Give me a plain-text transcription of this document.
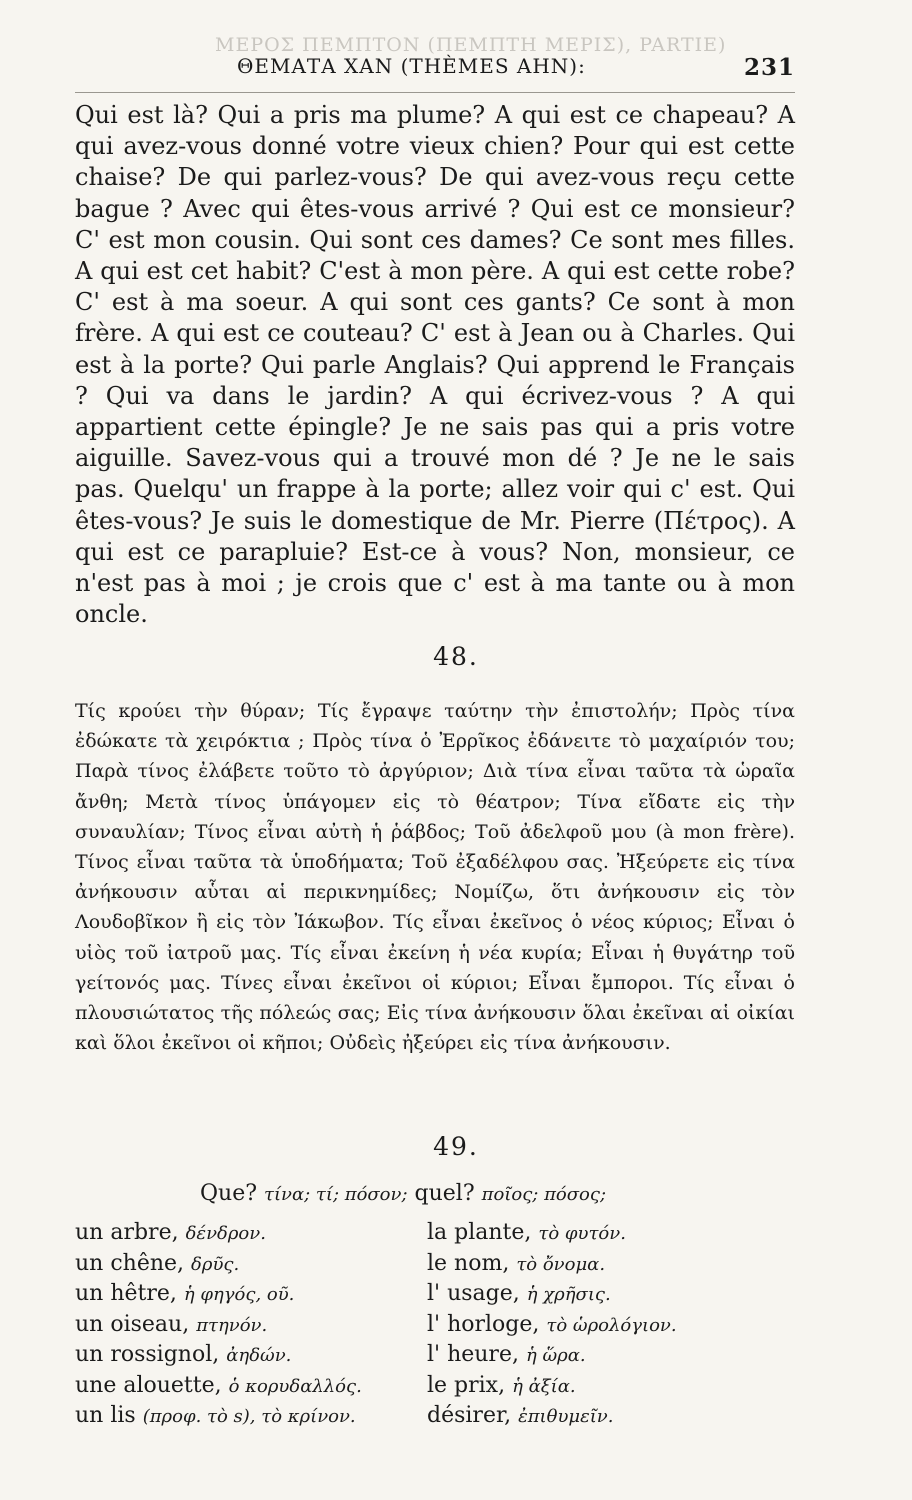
ΜΕΡΟΣ ΠΕΜΠΤΟΝ (ΠΕΜΠΤΗ ΜΕΡΙΣ), PARTIE)
ΘΕΜΑΤΑ ΧΑΝ (THÈMES AHN):	231
Qui est là? Qui a pris ma plume? A qui est ce chapeau? A qui avez-vous donné votre vieux chien? Pour qui est cette chaise? De qui parlez-vous? De qui avez-vous reçu cette bague ? Avec qui êtes-vous arrivé ? Qui est ce monsieur? C' est mon cousin. Qui sont ces dames? Ce sont mes filles. A qui est cet habit? C'est à mon père. A qui est cette robe? C' est à ma soeur. A qui sont ces gants? Ce sont à mon frère. A qui est ce couteau? C' est à Jean ou à Charles. Qui est à la porte? Qui parle Anglais? Qui apprend le Français ? Qui va dans le jardin? A qui écrivez-vous ? A qui appartient cette épingle? Je ne sais pas qui a pris votre aiguille. Savez-vous qui a trouvé mon dé ? Je ne le sais pas. Quelqu' un frappe à la porte; allez voir qui c' est. Qui êtes-vous? Je suis le domestique de Mr. Pierre (Πέτρος). A qui est ce parapluie? Est-ce à vous? Non, monsieur, ce n'est pas à moi ; je crois que c' est à ma tante ou à mon oncle.
48.
Τίς κρούει τὴν θύραν; Τίς ἔγραψε ταύτην τὴν ἐπιστολήν; Πρὸς τίνα ἐδώκατε τὰ χειρόκτια ; Πρὸς τίνα ὁ Ἐρρῖκος ἐδάνειτε τὸ μαχαίριόν του; Παρὰ τίνος ἐλάβετε τοῦτο τὸ ἀργύριον; Διὰ τίνα εἶναι ταῦτα τὰ ὡραῖα ἄνθη; Μετὰ τίνος ὑπάγομεν εἰς τὸ θέατρον; Τίνα εἴδατε εἰς τὴν συναυλίαν; Τίνος εἶναι αὐτὴ ἡ ῥάβδος; Τοῦ ἀδελφοῦ μου (à mon frère). Τίνος εἶναι ταῦτα τὰ ὑποδήματα; Τοῦ ἐξαδέλφου σας. Ἠξεύρετε εἰς τίνα ἀνήκουσιν αὗται αἱ περικνημίδες; Νομίζω, ὅτι ἀνήκουσιν εἰς τὸν Λουδοβῖκον ἢ εἰς τὸν Ἰάκωβον. Τίς εἶναι ἐκεῖνος ὁ νέος κύριος; Εἶναι ὁ υἱὸς τοῦ ἰατροῦ μας. Τίς εἶναι ἐκείνη ἡ νέα κυρία; Εἶναι ἡ θυγάτηρ τοῦ γείτονός μας. Τίνες εἶναι ἐκεῖνοι οἱ κύριοι; Εἶναι ἔμποροι. Τίς εἶναι ὁ πλουσιώτατος τῆς πόλεώς σας; Εἰς τίνα ἀνήκουσιν ὅλαι ἐκεῖναι αἱ οἰκίαι καὶ ὅλοι ἐκεῖνοι οἱ κῆποι; Οὐδεὶς ἠξεύρει εἰς τίνα ἀνήκουσιν.
49.
Que? τίνα; τί; πόσον; quel? ποῖος; πόσος;
un arbre, δένδρον.	la plante, τὸ φυτόν.
un chêne, δρῦς.	le nom, τὸ ὄνομα.
un hêtre, ἡ φηγός, οῦ.	l' usage, ἡ χρῆσις.
un oiseau, πτηνόν.	l' horloge, τὸ ὡρολόγιον.
un rossignol, ἀηδών.	l' heure, ἡ ὥρα.
une alouette, ὁ κορυδαλλός.	le prix, ἡ ἀξία.
un lis (προφ. τὸ s), τὸ κρίνον.	désirer, ἐπιθυμεῖν.
